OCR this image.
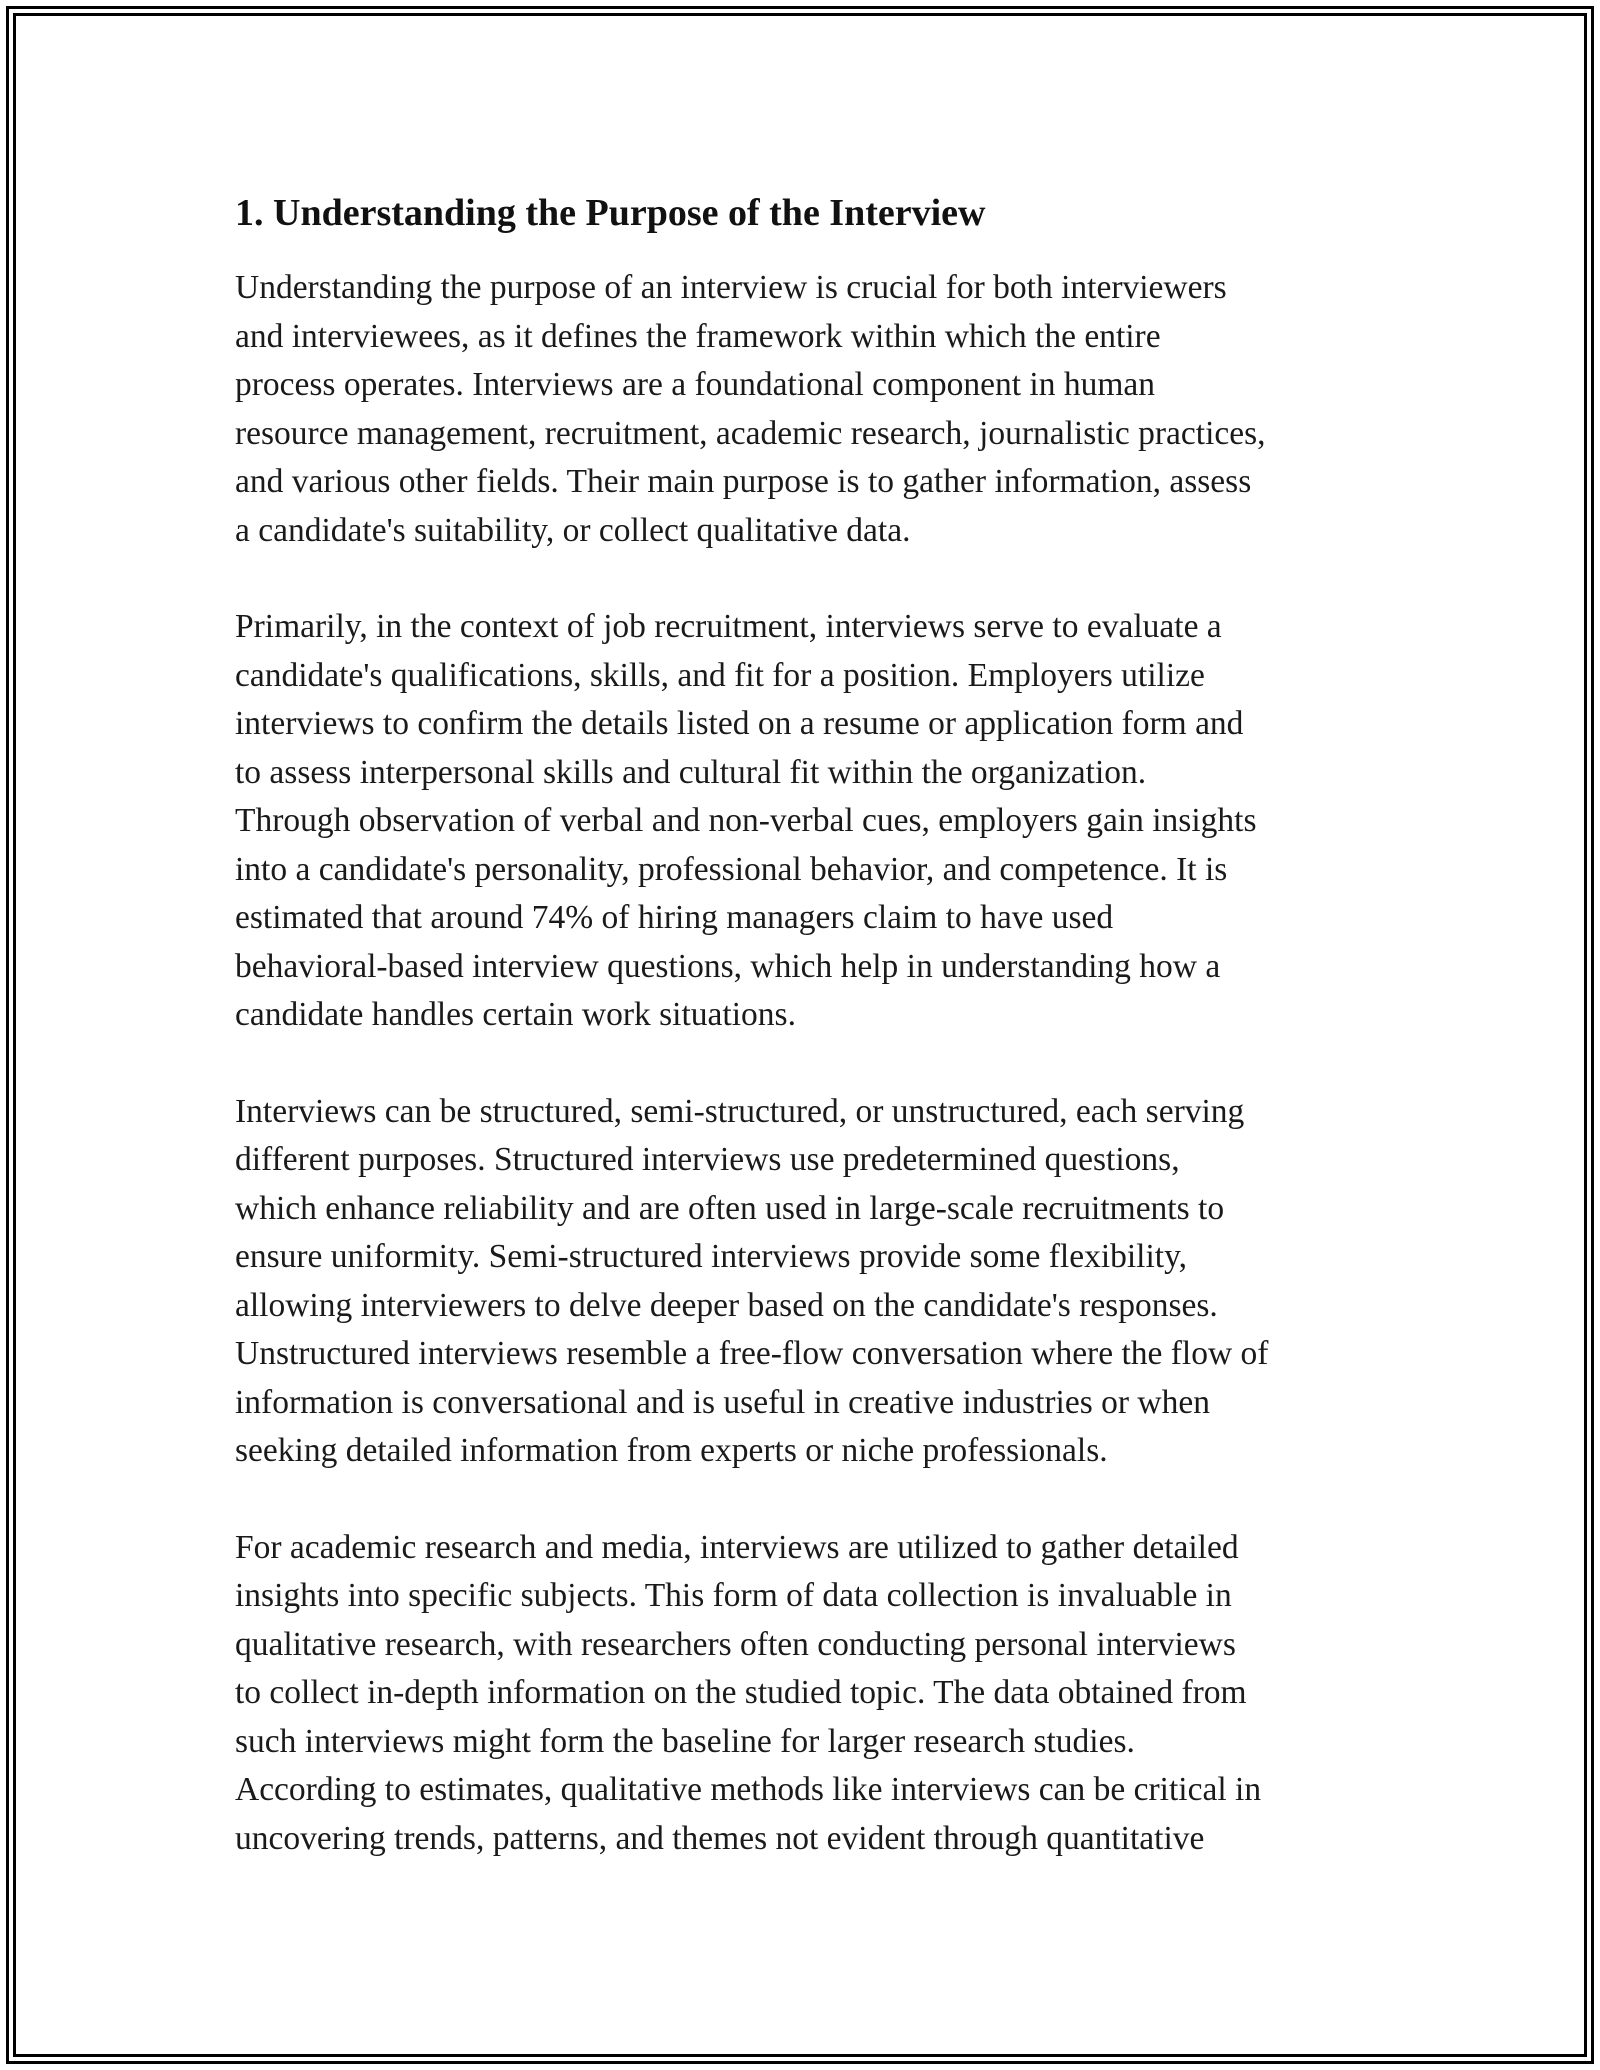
1. Understanding the Purpose of the Interview

Understanding the purpose of an interview is crucial for both interviewers
and interviewees, as it defines the framework within which the entire
process operates. Interviews are a foundational component in human
resource management, recruitment, academic research, journalistic practices,
and various other fields. Their main purpose is to gather information, assess
a candidate's suitability, or collect qualitative data.

Primarily, in the context of job recruitment, interviews serve to evaluate a
candidate's qualifications, skills, and fit for a position. Employers utilize
interviews to confirm the details listed on a resume or application form and
to assess interpersonal skills and cultural fit within the organization.
Through observation of verbal and non-verbal cues, employers gain insights
into a candidate's personality, professional behavior, and competence. It is
estimated that around 74% of hiring managers claim to have used
behavioral-based interview questions, which help in understanding how a
candidate handles certain work situations.

Interviews can be structured, semi-structured, or unstructured, each serving
different purposes. Structured interviews use predetermined questions,
which enhance reliability and are often used in large-scale recruitments to
ensure uniformity. Semi-structured interviews provide some flexibility,
allowing interviewers to delve deeper based on the candidate's responses.
Unstructured interviews resemble a free-flow conversation where the flow of
information is conversational and is useful in creative industries or when
seeking detailed information from experts or niche professionals.

For academic research and media, interviews are utilized to gather detailed
insights into specific subjects. This form of data collection is invaluable in
qualitative research, with researchers often conducting personal interviews
to collect in-depth information on the studied topic. The data obtained from
such interviews might form the baseline for larger research studies.
According to estimates, qualitative methods like interviews can be critical in
uncovering trends, patterns, and themes not evident through quantitative
